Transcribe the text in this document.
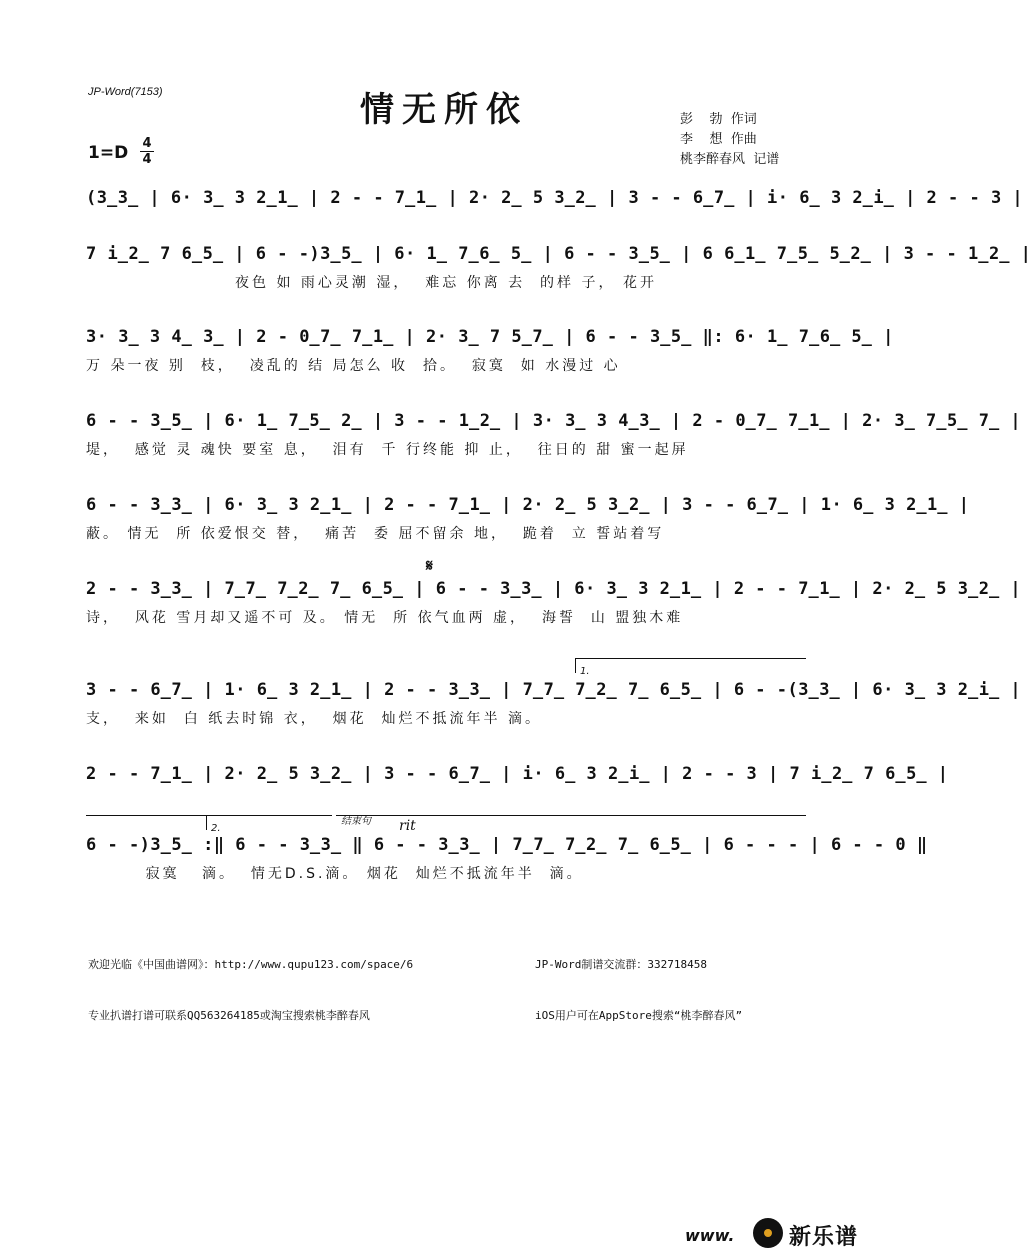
JP-Word(7153)	情无所依	彭    勃  作词
李    想  作曲
桃李醉春风  记谱
1=D 4
4
(3̲3̲ | 6· 3̲ 3 2̲1̲ | 2 - - 7̲1̲ | 2· 2̲ 5 3̲2̲ | 3 - - 6̲7̲ | i· 6̲ 3 2̲i̲ | 2 - - 3 |
7 i̲2̲ 7 6̲5̲ | 6 - -)3̲5̲ | 6· 1̲ 7̲6̲ 5̲ | 6 - - 3̲5̲ | 6 6̲1̲ 7̲5̲ 5̲2̲ | 3 - - 1̲2̲ |
夜色 如 雨心灵潮 湿，  难忘 你离 去  的样 子， 花开
3· 3̲ 3 4̲ 3̲ | 2 - 0̲7̲ 7̲1̲ | 2· 3̲ 7 5̲7̲ | 6 - - 3̲5̲ ‖: 6· 1̲ 7̲6̲ 5̲ |
万 朵一夜 别  枝，  凌乱的 结 局怎么 收  拾。  寂寞  如 水漫过 心
6 - - 3̲5̲ | 6· 1̲ 7̲5̲ 2̲ | 3 - - 1̲2̲ | 3· 3̲ 3 4̲3̲ | 2 - 0̲7̲ 7̲1̲ | 2· 3̲ 7̲5̲ 7̲ |
堤，  感觉 灵 魂快 要室 息，  泪有  千 行终能 抑 止，  往日的 甜 蜜一起屏
6 - - 3̲3̲ | 6· 3̲ 3 2̲1̲ | 2 - - 7̲1̲ | 2· 2̲ 5 3̲2̲ | 3 - - 6̲7̲ | 1· 6̲ 3 2̲1̲ |
蔽。 情无  所 依爱恨交 替，  痛苦  委 屈不留余 地，  跪着  立 誓站着写
𝄋
2 - - 3̲3̲ | 7̲7̲ 7̲2̲ 7̲ 6̲5̲ | 6 - - 3̲3̲ | 6· 3̲ 3 2̲1̲ | 2 - - 7̲1̲ | 2· 2̲ 5 3̲2̲ |
诗，  风花 雪月却又遥不可 及。 情无  所 依气血两 虚，  海誓  山 盟独木难
1.
3 - - 6̲7̲ | 1· 6̲ 3 2̲1̲ | 2 - - 3̲3̲ | 7̲7̲ 7̲2̲ 7̲ 6̲5̲ | 6 - -(3̲3̲ | 6· 3̲ 3 2̲i̲ |
支，  来如  白 纸去时锦 衣，  烟花  灿烂不抵流年半 滴。
2 - - 7̲1̲ | 2· 2̲ 5 3̲2̲ | 3 - - 6̲7̲ | i· 6̲ 3 2̲i̲ | 2 - - 3 | 7 i̲2̲ 7 6̲5̲ |
2.
结束句 rit
6 - -)3̲5̲ :‖ 6 - - 3̲3̲ ‖ 6 - - 3̲3̲ | 7̲7̲ 7̲2̲ 7̲ 6̲5̲ | 6 - - - | 6 - - 0 ‖
寂寞   滴。  情无D.S.滴。 烟花  灿烂不抵流年半  滴。

欢迎光临《中国曲谱网》：http://www.qupu123.com/space/6

专业扒谱打谱可联系QQ563264185或淘宝搜索桃李醉春风

JP-Word制谱交流群：332718458

iOS用户可在AppStore搜索“桃李醉春风”

www. 新乐谱
